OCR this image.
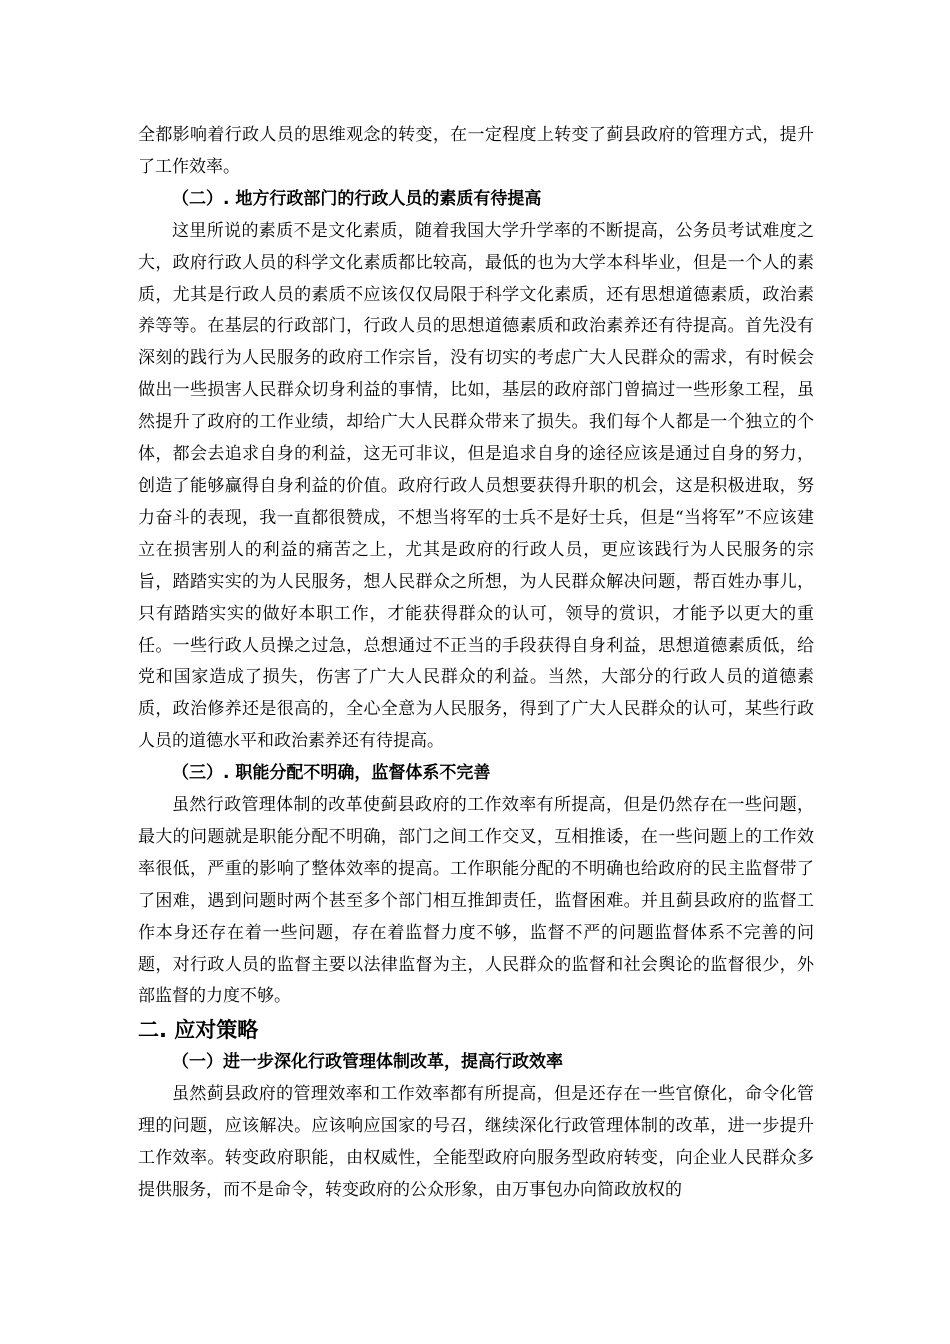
全都影响着行政人员的思维观念的转变，在一定程度上转变了蓟县政府的管理方式，提升了工作效率。

（二）. 地方行政部门的行政人员的素质有待提高

这里所说的素质不是文化素质，随着我国大学升学率的不断提高，公务员考试难度之大，政府行政人员的科学文化素质都比较高，最低的也为大学本科毕业，但是一个人的素质，尤其是行政人员的素质不应该仅仅局限于科学文化素质，还有思想道德素质，政治素养等等。在基层的行政部门，行政人员的思想道德素质和政治素养还有待提高。首先没有深刻的践行为人民服务的政府工作宗旨，没有切实的考虑广大人民群众的需求，有时候会做出一些损害人民群众切身利益的事情，比如，基层的政府部门曾搞过一些形象工程，虽然提升了政府的工作业绩，却给广大人民群众带来了损失。我们每个人都是一个独立的个体，都会去追求自身的利益，这无可非议，但是追求自身的途径应该是通过自身的努力，创造了能够赢得自身利益的价值。政府行政人员想要获得升职的机会，这是积极进取，努力奋斗的表现，我一直都很赞成，不想当将军的士兵不是好士兵，但是“当将军”不应该建立在损害别人的利益的痛苦之上，尤其是政府的行政人员，更应该践行为人民服务的宗旨，踏踏实实的为人民服务，想人民群众之所想，为人民群众解决问题，帮百姓办事儿，只有踏踏实实的做好本职工作，才能获得群众的认可，领导的赏识，才能予以更大的重任。一些行政人员操之过急，总想通过不正当的手段获得自身利益，思想道德素质低，给党和国家造成了损失，伤害了广大人民群众的利益。当然，大部分的行政人员的道德素质，政治修养还是很高的，全心全意为人民服务，得到了广大人民群众的认可，某些行政人员的道德水平和政治素养还有待提高。

（三）. 职能分配不明确，监督体系不完善

虽然行政管理体制的改革使蓟县政府的工作效率有所提高，但是仍然存在一些问题，最大的问题就是职能分配不明确，部门之间工作交叉，互相推诿，在一些问题上的工作效率很低，严重的影响了整体效率的提高。工作职能分配的不明确也给政府的民主监督带了了困难，遇到问题时两个甚至多个部门相互推卸责任，监督困难。并且蓟县政府的监督工作本身还存在着一些问题，存在着监督力度不够，监督不严的问题监督体系不完善的问题，对行政人员的监督主要以法律监督为主，人民群众的监督和社会舆论的监督很少，外部监督的力度不够。

二. 应对策略
（一）进一步深化行政管理体制改革，提高行政效率

虽然蓟县政府的管理效率和工作效率都有所提高，但是还存在一些官僚化，命令化管理的问题，应该解决。应该响应国家的号召，继续深化行政管理体制的改革，进一步提升工作效率。转变政府职能，由权威性，全能型政府向服务型政府转变，向企业人民群众多提供服务，而不是命令，转变政府的公众形象，由万事包办向简政放权的
